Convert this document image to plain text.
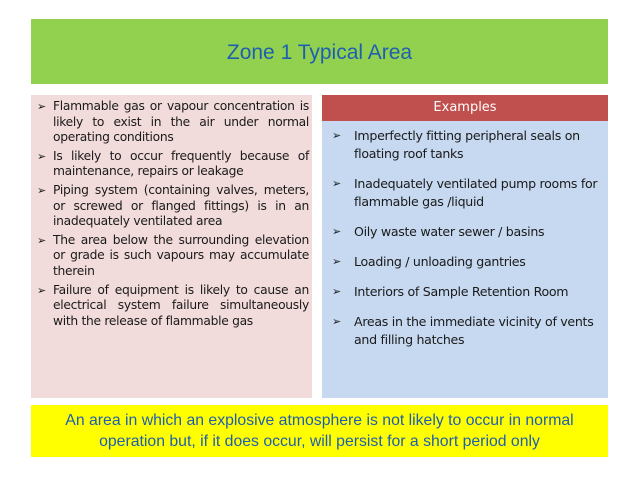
Zone 1 Typical Area
➢ Flammable gas or vapour concentration is likely to exist in the air under normal operating conditions
➢ Is likely to occur frequently because of maintenance, repairs or leakage
➢ Piping system (containing valves, meters, or screwed or flanged fittings) is in an inadequately ventilated area
➢ The area below the surrounding elevation or grade is such vapours may accumulate therein
➢ Failure of equipment is likely to cause an electrical system failure simultaneously with the release of flammable gas
Examples
➢ Imperfectly fitting peripheral seals on floating roof tanks
➢ Inadequately ventilated pump rooms for flammable gas /liquid
➢ Oily waste water sewer / basins
➢ Loading / unloading gantries
➢ Interiors of Sample Retention Room
➢ Areas in the immediate vicinity of vents and filling hatches
An area in which an explosive atmosphere is not likely to occur in normal operation but, if it does occur, will persist for a short period only
